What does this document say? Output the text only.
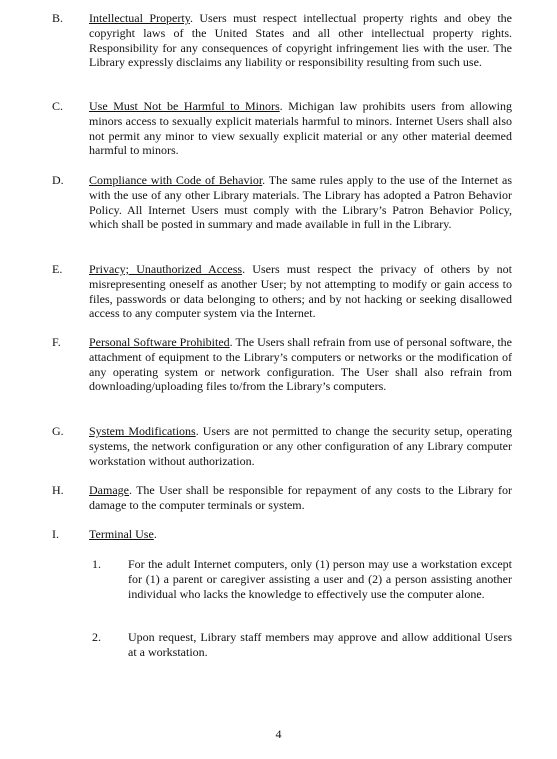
B. Intellectual Property. Users must respect intellectual property rights and obey the copyright laws of the United States and all other intellectual property rights. Responsibility for any consequences of copyright infringement lies with the user. The Library expressly disclaims any liability or responsibility resulting from such use.
C. Use Must Not be Harmful to Minors. Michigan law prohibits users from allowing minors access to sexually explicit materials harmful to minors. Internet Users shall also not permit any minor to view sexually explicit material or any other material deemed harmful to minors.
D. Compliance with Code of Behavior. The same rules apply to the use of the Internet as with the use of any other Library materials. The Library has adopted a Patron Behavior Policy. All Internet Users must comply with the Library’s Patron Behavior Policy, which shall be posted in summary and made available in full in the Library.
E. Privacy; Unauthorized Access. Users must respect the privacy of others by not misrepresenting oneself as another User; by not attempting to modify or gain access to files, passwords or data belonging to others; and by not hacking or seeking disallowed access to any computer system via the Internet.
F. Personal Software Prohibited. The Users shall refrain from use of personal software, the attachment of equipment to the Library’s computers or networks or the modification of any operating system or network configuration. The User shall also refrain from downloading/uploading files to/from the Library’s computers.
G. System Modifications. Users are not permitted to change the security setup, operating systems, the network configuration or any other configuration of any Library computer workstation without authorization.
H. Damage. The User shall be responsible for repayment of any costs to the Library for damage to the computer terminals or system.
I.	Terminal Use.
1. For the adult Internet computers, only (1) person may use a workstation except for (1) a parent or caregiver assisting a user and (2) a person assisting another individual who lacks the knowledge to effectively use the computer alone.
2. Upon request, Library staff members may approve and allow additional Users at a workstation.
4
